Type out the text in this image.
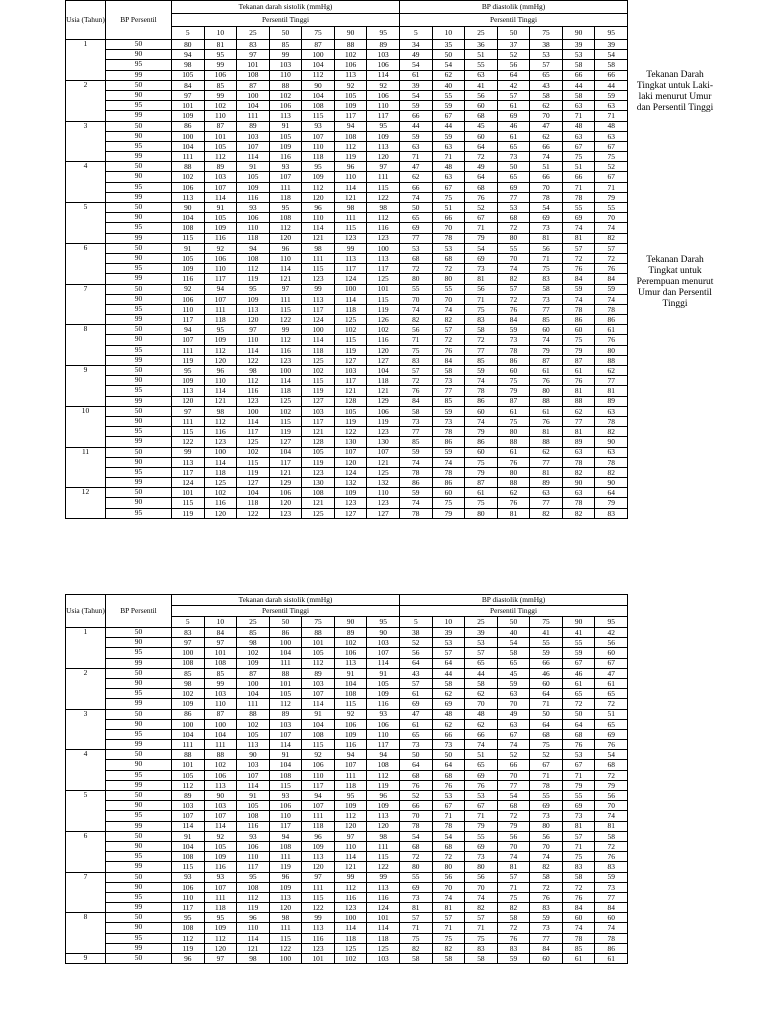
Usia (Tahun)	BP Persentil	Tekanan darah sistolik (mmHg)							BP diastolik (mmHg)						
		Persentil Tinggi							Persentil Tinggi						
		5	10	25	50	75	90	95	5	10	25	50	75	90	95
1	50	80	81	83	85	87	88	89	34	35	36	37	38	39	39
	90	94	95	97	99	100	102	103	49	50	51	52	53	53	54
	95	98	99	101	103	104	106	106	54	54	55	56	57	58	58
	99	105	106	108	110	112	113	114	61	62	63	64	65	66	66
2	50	84	85	87	88	90	92	92	39	40	41	42	43	44	44
	90	97	99	100	102	104	105	106	54	55	56	57	58	58	59
	95	101	102	104	106	108	109	110	59	59	60	61	62	63	63
	99	109	110	111	113	115	117	117	66	67	68	69	70	71	71
3	50	86	87	89	91	93	94	95	44	44	45	46	47	48	48
	90	100	101	103	105	107	108	109	59	59	60	61	62	63	63
	95	104	105	107	109	110	112	113	63	63	64	65	66	67	67
	99	111	112	114	116	118	119	120	71	71	72	73	74	75	75
4	50	88	89	91	93	95	96	97	47	48	49	50	51	51	52
	90	102	103	105	107	109	110	111	62	63	64	65	66	66	67
	95	106	107	109	111	112	114	115	66	67	68	69	70	71	71
	99	113	114	116	118	120	121	122	74	75	76	77	78	78	79
5	50	90	91	93	95	96	98	98	50	51	52	53	54	55	55
	90	104	105	106	108	110	111	112	65	66	67	68	69	69	70
	95	108	109	110	112	114	115	116	69	70	71	72	73	74	74
	99	115	116	118	120	121	123	123	77	78	79	80	81	81	82
6	50	91	92	94	96	98	99	100	53	53	54	55	56	57	57
	90	105	106	108	110	111	113	113	68	68	69	70	71	72	72
	95	109	110	112	114	115	117	117	72	72	73	74	75	76	76
	99	116	117	119	121	123	124	125	80	80	81	82	83	84	84
7	50	92	94	95	97	99	100	101	55	55	56	57	58	59	59
	90	106	107	109	111	113	114	115	70	70	71	72	73	74	74
	95	110	111	113	115	117	118	119	74	74	75	76	77	78	78
	99	117	118	120	122	124	125	126	82	82	83	84	85	86	86
8	50	94	95	97	99	100	102	102	56	57	58	59	60	60	61
	90	107	109	110	112	114	115	116	71	72	72	73	74	75	76
	95	111	112	114	116	118	119	120	75	76	77	78	79	79	80
	99	119	120	122	123	125	127	127	83	84	85	86	87	87	88
9	50	95	96	98	100	102	103	104	57	58	59	60	61	61	62
	90	109	110	112	114	115	117	118	72	73	74	75	76	76	77
	95	113	114	116	118	119	121	121	76	77	78	79	80	81	81
	99	120	121	123	125	127	128	129	84	85	86	87	88	88	89
10	50	97	98	100	102	103	105	106	58	59	60	61	61	62	63
	90	111	112	114	115	117	119	119	73	73	74	75	76	77	78
	95	115	116	117	119	121	122	123	77	78	79	80	81	81	82
	99	122	123	125	127	128	130	130	85	86	86	88	88	89	90
11	50	99	100	102	104	105	107	107	59	59	60	61	62	63	63
	90	113	114	115	117	119	120	121	74	74	75	76	77	78	78
	95	117	118	119	121	123	124	125	78	78	79	80	81	82	82
	99	124	125	127	129	130	132	132	86	86	87	88	89	90	90
12	50	101	102	104	106	108	109	110	59	60	61	62	63	63	64
	90	115	116	118	120	121	123	123	74	75	75	76	77	78	79
	95	119	120	122	123	125	127	127	78	79	80	81	82	82	83
Tekanan Darah Tingkat untuk Laki-laki menurut Umur dan Persentil Tinggi
Tekanan Darah Tingkat untuk Perempuan menurut Umur dan Persentil Tinggi
Usia (Tahun)	BP Persentil	Tekanan darah sistolik (mmHg)							BP diastolik (mmHg)						
		Persentil Tinggi							Persentil Tinggi						
		5	10	25	50	75	90	95	5	10	25	50	75	90	95
1	50	83	84	85	86	88	89	90	38	39	39	40	41	41	42
	90	97	97	98	100	101	102	103	52	53	53	54	55	55	56
	95	100	101	102	104	105	106	107	56	57	57	58	59	59	60
	99	108	108	109	111	112	113	114	64	64	65	65	66	67	67
2	50	85	85	87	88	89	91	91	43	44	44	45	46	46	47
	90	98	99	100	101	103	104	105	57	58	58	59	60	61	61
	95	102	103	104	105	107	108	109	61	62	62	63	64	65	65
	99	109	110	111	112	114	115	116	69	69	70	70	71	72	72
3	50	86	87	88	89	91	92	93	47	48	48	49	50	50	51
	90	100	100	102	103	104	106	106	61	62	62	63	64	64	65
	95	104	104	105	107	108	109	110	65	66	66	67	68	68	69
	99	111	111	113	114	115	116	117	73	73	74	74	75	76	76
4	50	88	88	90	91	92	94	94	50	50	51	52	52	53	54
	90	101	102	103	104	106	107	108	64	64	65	66	67	67	68
	95	105	106	107	108	110	111	112	68	68	69	70	71	71	72
	99	112	113	114	115	117	118	119	76	76	76	77	78	79	79
5	50	89	90	91	93	94	95	96	52	53	53	54	55	55	56
	90	103	103	105	106	107	109	109	66	67	67	68	69	69	70
	95	107	107	108	110	111	112	113	70	71	71	72	73	73	74
	99	114	114	116	117	118	120	120	78	78	79	79	80	81	81
6	50	91	92	93	94	96	97	98	54	54	55	56	56	57	58
	90	104	105	106	108	109	110	111	68	68	69	70	70	71	72
	95	108	109	110	111	113	114	115	72	72	73	74	74	75	76
	99	115	116	117	119	120	121	122	80	80	80	81	82	83	83
7	50	93	93	95	96	97	99	99	55	56	56	57	58	58	59
	90	106	107	108	109	111	112	113	69	70	70	71	72	72	73
	95	110	111	112	113	115	116	116	73	74	74	75	76	76	77
	99	117	118	119	120	122	123	124	81	81	82	82	83	84	84
8	50	95	95	96	98	99	100	101	57	57	57	58	59	60	60
	90	108	109	110	111	113	114	114	71	71	71	72	73	74	74
	95	112	112	114	115	116	118	118	75	75	75	76	77	78	78
	99	119	120	121	122	123	125	125	82	82	83	83	84	85	86
9	50	96	97	98	100	101	102	103	58	58	58	59	60	61	61
